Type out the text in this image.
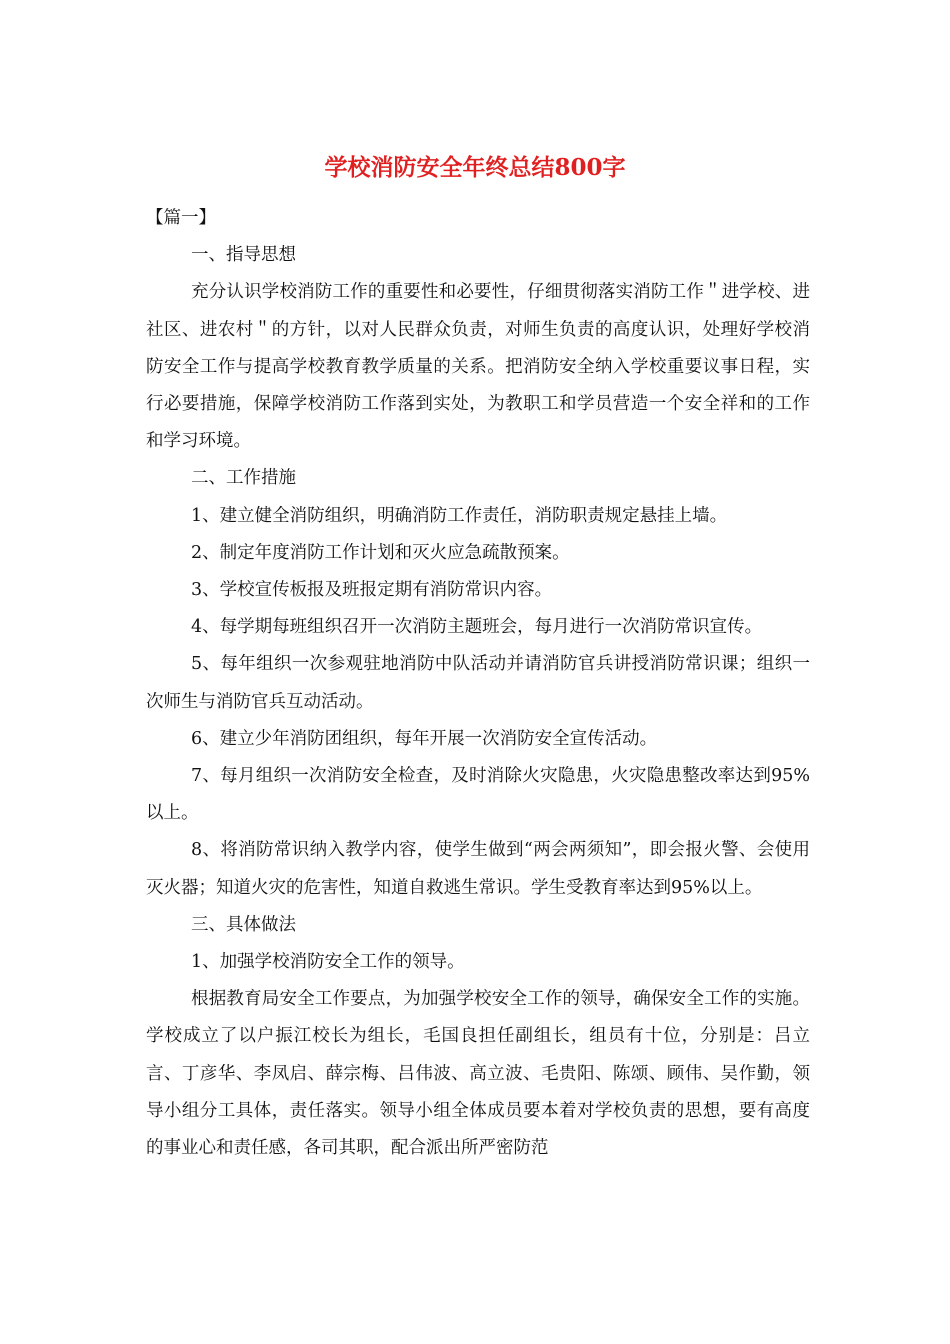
学校消防安全年终总结800字

【篇一】

一、指导思想

充分认识学校消防工作的重要性和必要性，仔细贯彻落实消防工作＂进学校、进社区、进农村＂的方针，以对人民群众负责，对师生负责的高度认识，处理好学校消防安全工作与提高学校教育教学质量的关系。把消防安全纳入学校重要议事日程，实行必要措施，保障学校消防工作落到实处，为教职工和学员营造一个安全祥和的工作和学习环境。

二、工作措施

1、建立健全消防组织，明确消防工作责任，消防职责规定悬挂上墙。

2、制定年度消防工作计划和灭火应急疏散预案。

3、学校宣传板报及班报定期有消防常识内容。

4、每学期每班组织召开一次消防主题班会，每月进行一次消防常识宣传。

5、每年组织一次参观驻地消防中队活动并请消防官兵讲授消防常识课；组织一次师生与消防官兵互动活动。

6、建立少年消防团组织，每年开展一次消防安全宣传活动。

7、每月组织一次消防安全检查，及时消除火灾隐患，火灾隐患整改率达到95%以上。

8、将消防常识纳入教学内容，使学生做到“两会两须知”，即会报火警、会使用灭火器；知道火灾的危害性，知道自救逃生常识。学生受教育率达到95%以上。

三、具体做法

1、加强学校消防安全工作的领导。

根据教育局安全工作要点，为加强学校安全工作的领导，确保安全工作的实施。学校成立了以户振江校长为组长，毛国良担任副组长，组员有十位，分别是：吕立言、丁彦华、李凤启、薛宗梅、吕伟波、高立波、毛贵阳、陈颂、顾伟、吴作勤，领导小组分工具体，责任落实。领导小组全体成员要本着对学校负责的思想，要有高度的事业心和责任感，各司其职，配合派出所严密防范
